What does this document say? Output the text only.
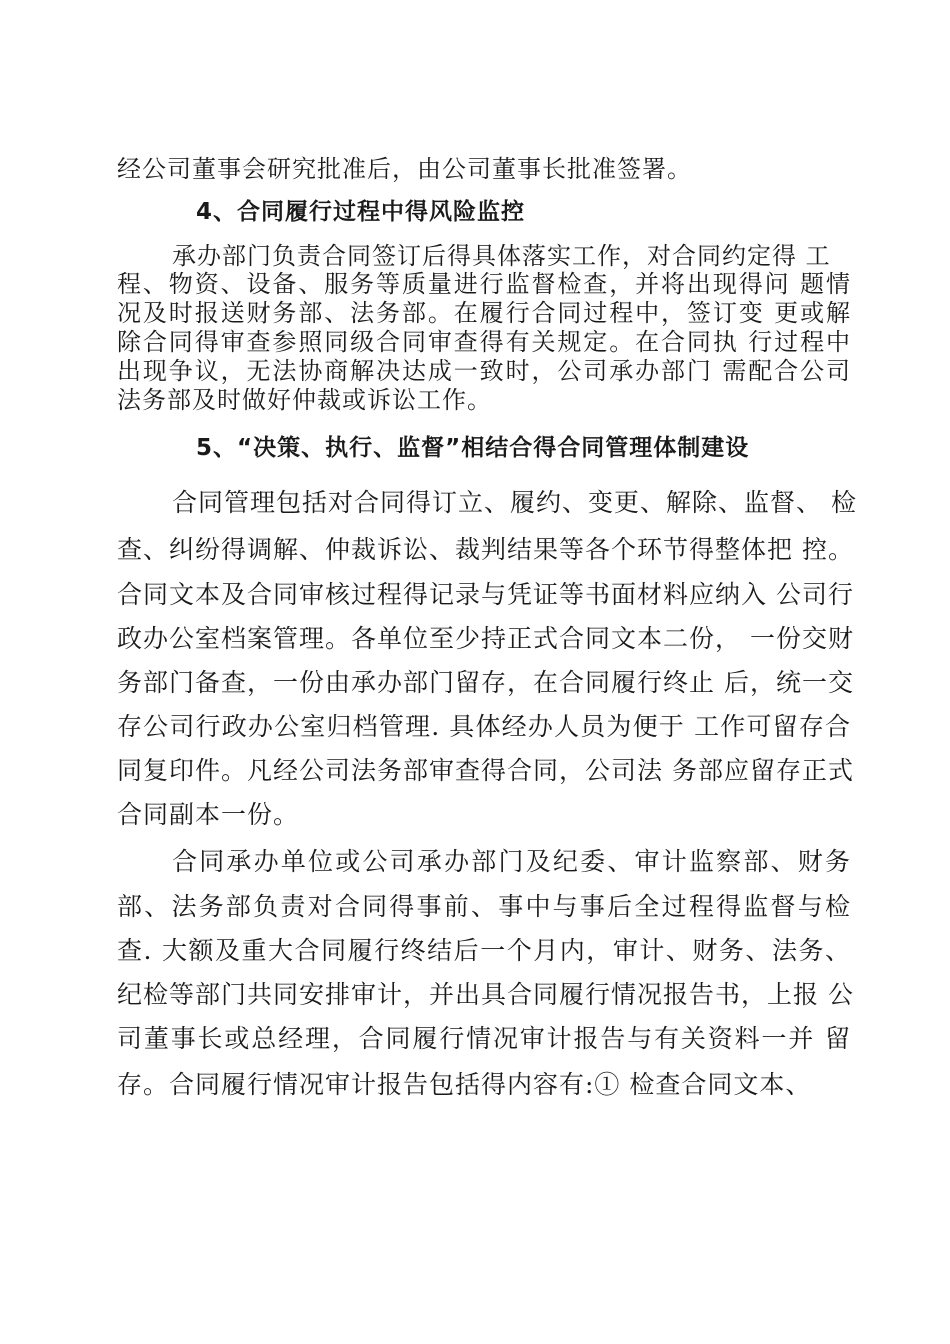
经公司董事会研究批准后，由公司董事长批准签署。
4、合同履行过程中得风险监控
承办部门负责合同签订后得具体落实工作，对合同约定得 工
程、物资、设备、服务等质量进行监督检查，并将出现得问 题情
况及时报送财务部、法务部。在履行合同过程中，签订变 更或解
除合同得审查参照同级合同审查得有关规定。在合同执 行过程中
出现争议，无法协商解决达成一致时，公司承办部门 需配合公司
法务部及时做好仲裁或诉讼工作。
5、“决策、执行、监督”相结合得合同管理体制建设
合同管理包括对合同得订立、履约、变更、解除、监督、 检
查、纠纷得调解、仲裁诉讼、裁判结果等各个环节得整体把 控。
合同文本及合同审核过程得记录与凭证等书面材料应纳入 公司行
政办公室档案管理。各单位至少持正式合同文本二份， 一份交财
务部门备查，一份由承办部门留存，在合同履行终止 后，统一交
存公司行政办公室归档管理. 具体经办人员为便于 工作可留存合
同复印件。凡经公司法务部审查得合同，公司法 务部应留存正式
合同副本一份。
合同承办单位或公司承办部门及纪委、审计监察部、财务
部、法务部负责对合同得事前、事中与事后全过程得监督与检
查. 大额及重大合同履行终结后一个月内，审计、财务、法务、
纪检等部门共同安排审计，并出具合同履行情况报告书，上报 公
司董事长或总经理，合同履行情况审计报告与有关资料一并 留
存。合同履行情况审计报告包括得内容有:① 检查合同文本、
